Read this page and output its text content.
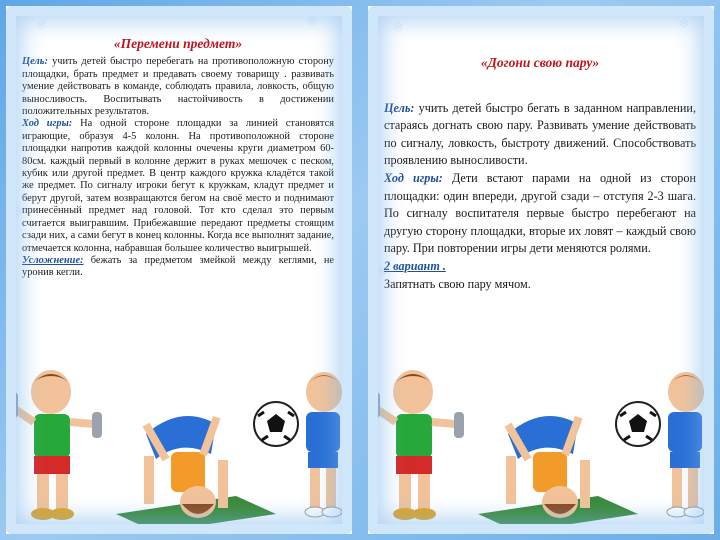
❄	❄
❄

«Перемени предмет»

Цель: учить детей быстро перебегать на противоположную сторону площадки, брать предмет и предавать своему товарищу . развивать умение действовать в команде, соблюдать правила, ловкость, общую выносливость. Воспитывать настойчивость в достижении положительных результатов.

Ход игры: На одной стороне площадки за линией становятся играющие, образуя 4-5 колонн. На противоположной стороне площадки напротив каждой колонны очечены круги диаметром 60-80см. каждый первый в колонне держит в руках мешочек с песком, кубик или другой предмет. В центр каждого кружка кладётся такой же предмет. По сигналу игроки бегут к кружкам, кладут предмет и берут другой, затем возвращаются бегом на своё место и поднимают принесённый предмет над головой. Тот кто сделал это первым считается выигравшим. Прибежавшие передают предметы стоящим сзади них, а сами бегут в конец колонны. Когда все выполнят задание, отмечается колонна, набравшая большее количество выигрышей.

Усложнение: бежать за предметом змейкой между кеглями, не уронив кегли.

❄	❄
❄

«Догони свою пару»

Цель: учить детей быстро бегать в заданном направлении, стараясь догнать свою пару. Развивать умение действовать по сигналу, ловкость, быстроту движений. Способствовать проявлению выносливости.

Ход игры: Дети встают парами на одной из сторон площадки: один впереди, другой сзади – отступя 2-3 шага. По сигналу воспитателя первые быстро перебегают на другую сторону площадки, вторые их ловят – каждый свою пару. При повторении игры дети меняются ролями.

2 вариант .

Запятнать свою пару мячом.
